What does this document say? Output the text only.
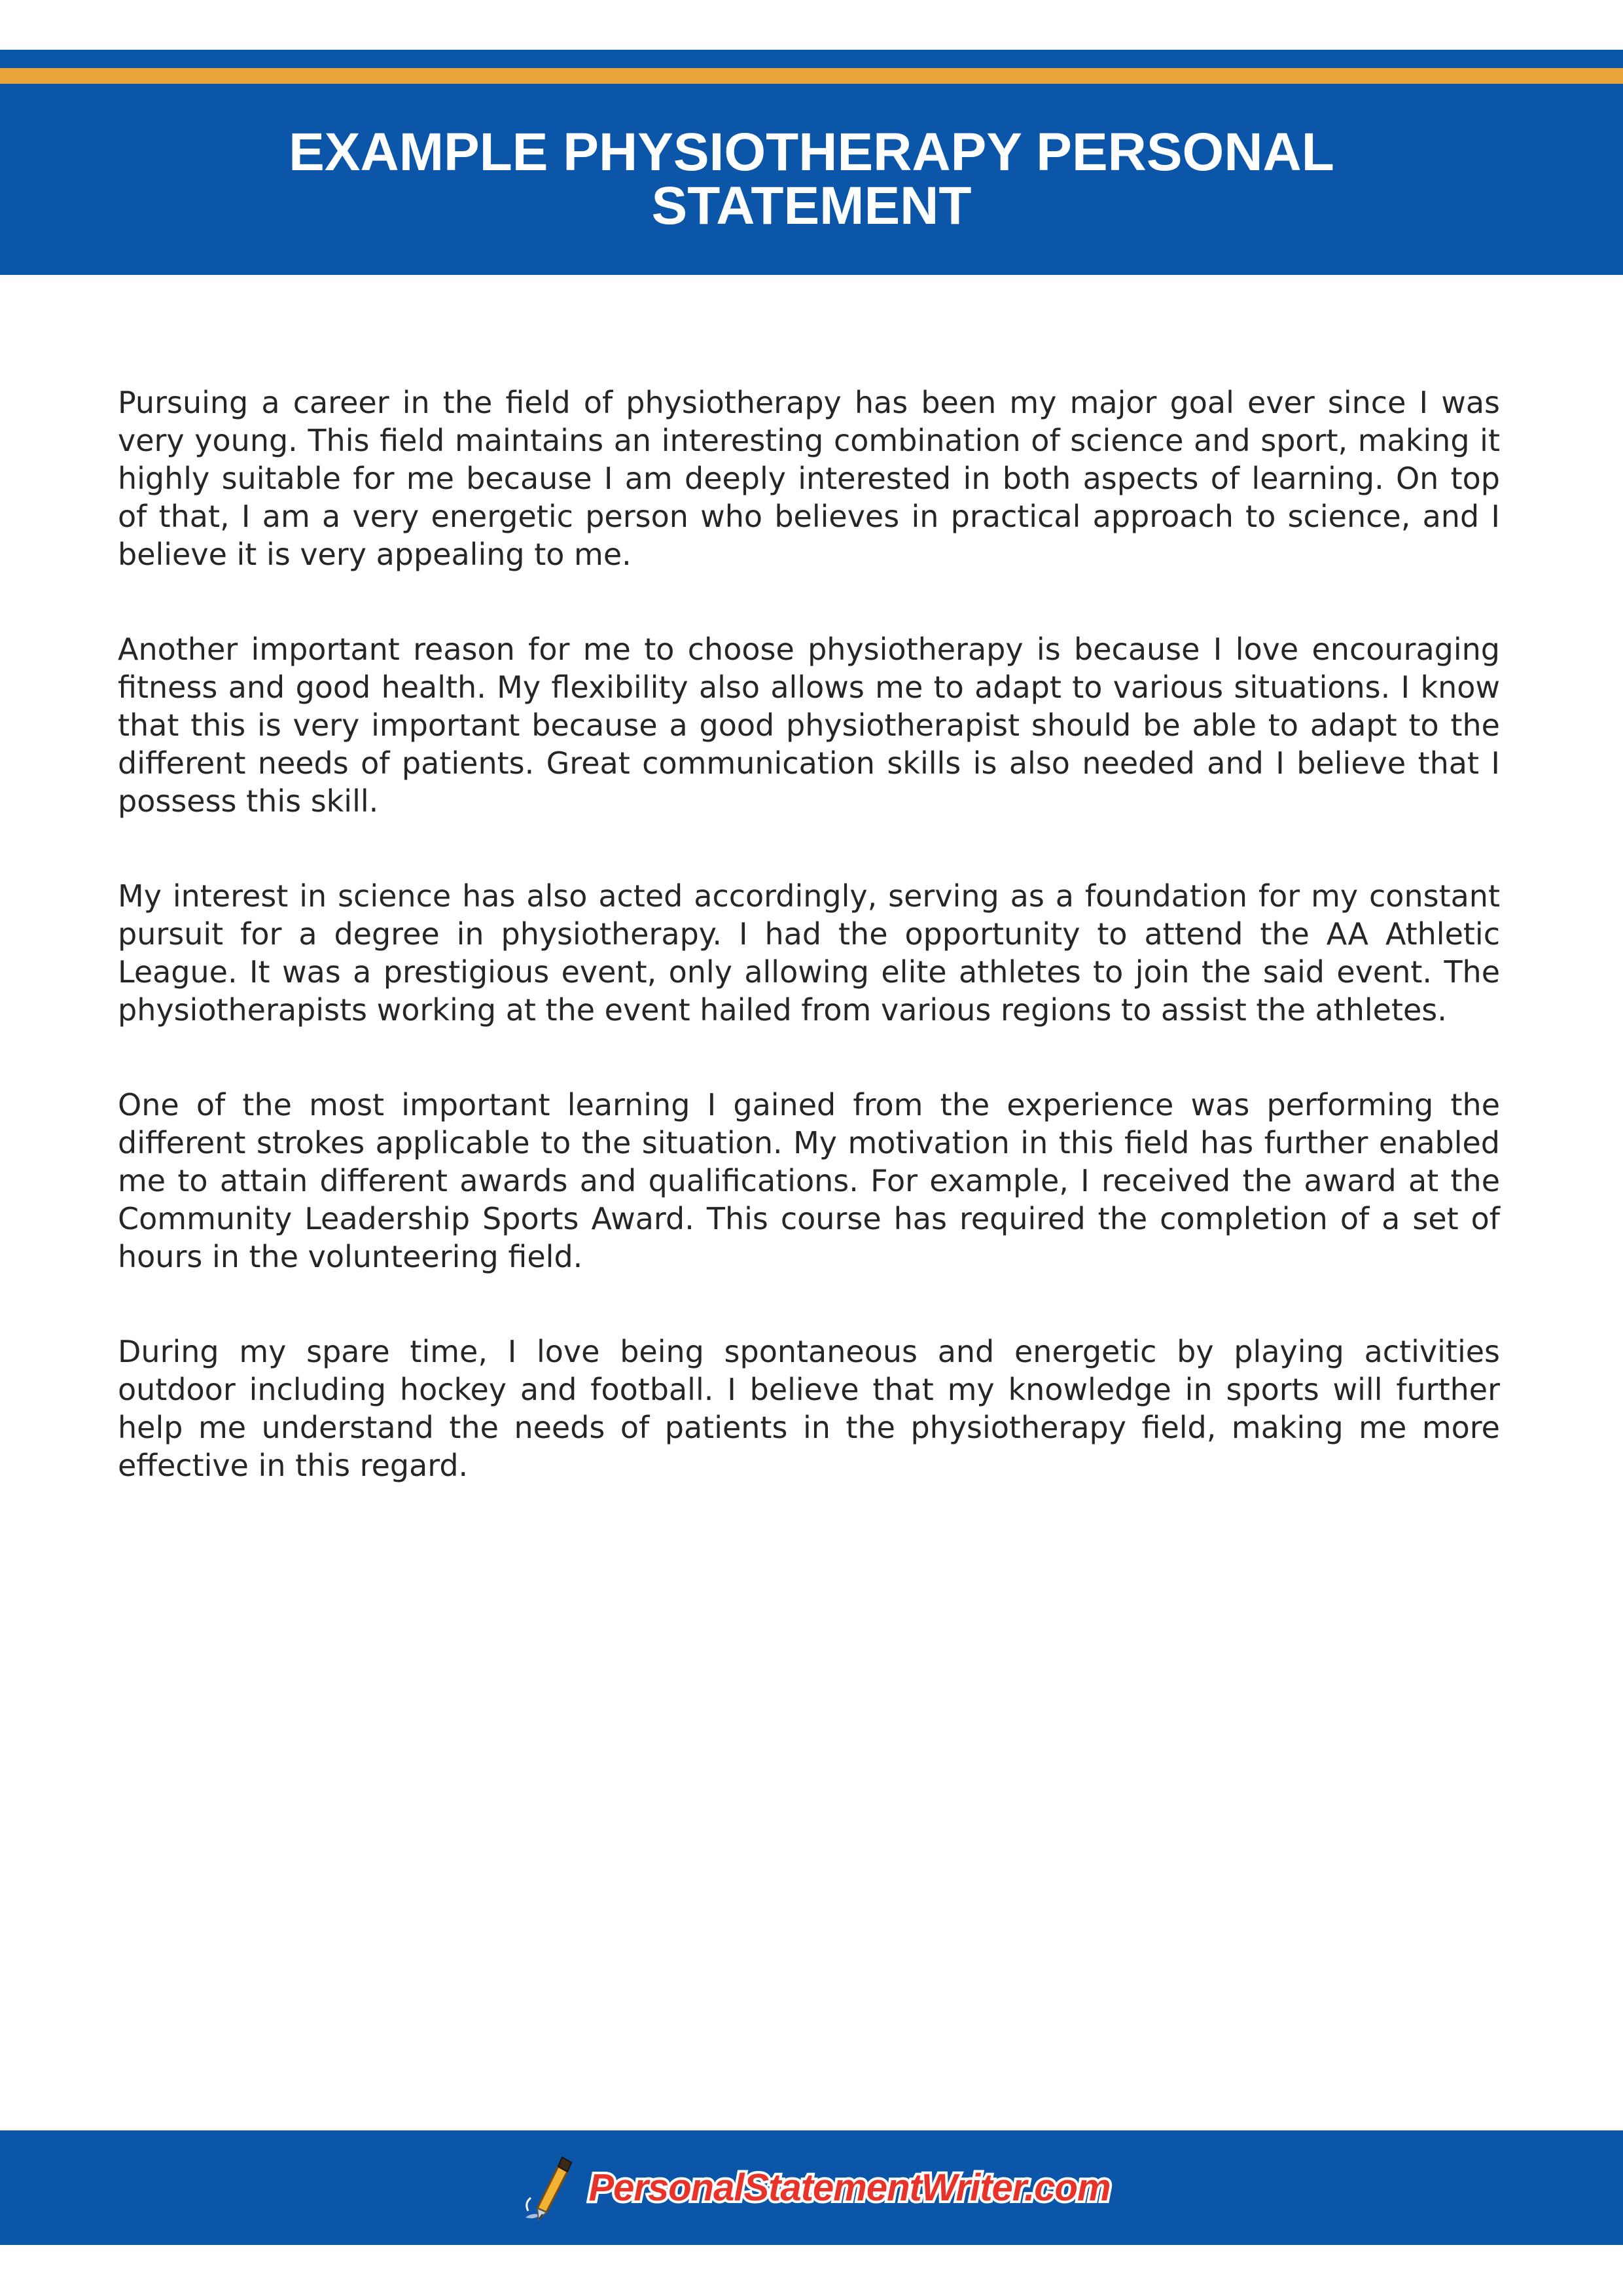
EXAMPLE PHYSIOTHERAPY PERSONAL STATEMENT

Pursuing a career in the field of physiotherapy has been my major goal ever since I was very young. This field maintains an interesting combination of science and sport, making it highly suitable for me because I am deeply interested in both aspects of learning. On top of that, I am a very energetic person who believes in practical approach to science, and I believe it is very appealing to me.

Another important reason for me to choose physiotherapy is because I love encouraging fitness and good health. My flexibility also allows me to adapt to various situations. I know that this is very important because a good physiotherapist should be able to adapt to the different needs of patients. Great communication skills is also needed and I believe that I possess this skill.

My interest in science has also acted accordingly, serving as a foundation for my constant pursuit for a degree in physiotherapy. I had the opportunity to attend the AA Athletic League. It was a prestigious event, only allowing elite athletes to join the said event. The physiotherapists working at the event hailed from various regions to assist the athletes.

One of the most important learning I gained from the experience was performing the different strokes applicable to the situation. My motivation in this field has further enabled me to attain different awards and qualifications. For example, I received the award at the Community Leadership Sports Award. This course has required the completion of a set of hours in the volunteering field.

During my spare time, I love being spontaneous and energetic by playing activities outdoor including hockey and football. I believe that my knowledge in sports will further help me understand the needs of patients in the physiotherapy field, making me more effective in this regard.

PersonalStatementWriter.com
